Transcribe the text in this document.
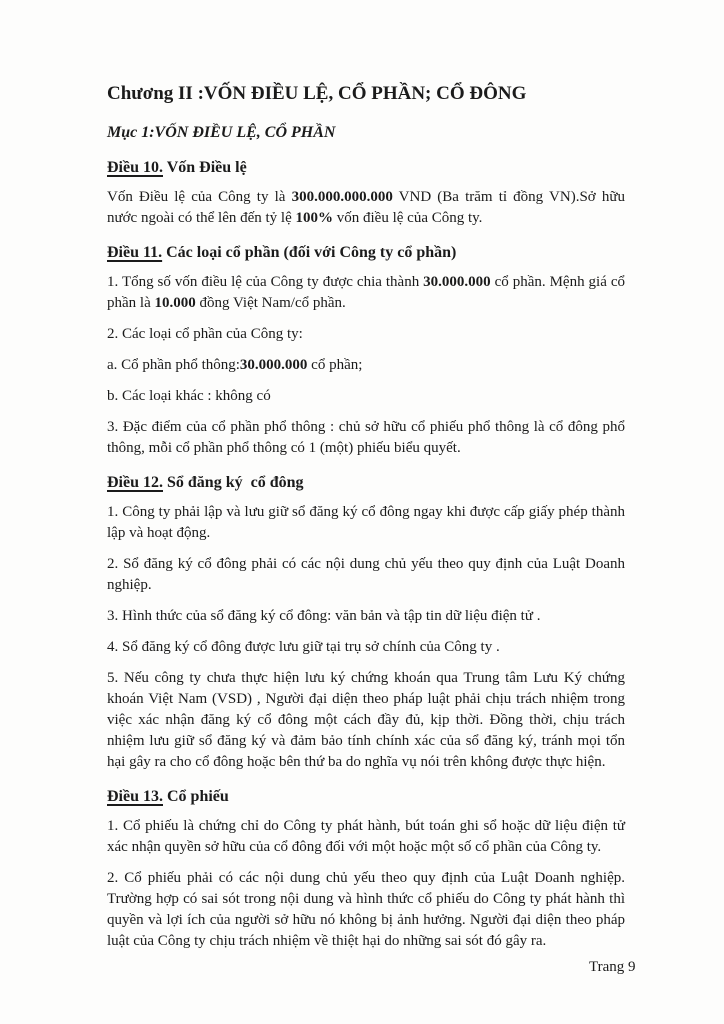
Chương II :VỐN ĐIỀU LỆ, CỔ PHẦN; CỔ ĐÔNG
Mục 1:VỐN ĐIỀU LỆ, CỔ PHẦN
Điều 10. Vốn Điều lệ

Vốn Điều lệ của Công ty là 300.000.000.000 VND (Ba trăm tỉ đồng VN).Sở hữu nước ngoài có thể lên đến tỷ lệ 100% vốn điều lệ của Công ty.

Điều 11. Các loại cổ phần (đối với Công ty cổ phần)

1. Tổng số vốn điều lệ của Công ty được chia thành 30.000.000 cổ phần. Mệnh giá cổ phần là 10.000 đồng Việt Nam/cổ phần.

2. Các loại cổ phần của Công ty:

a. Cổ phần phổ thông:30.000.000 cổ phần;

b. Các loại khác : không có

3. Đặc điểm của cổ phần phổ thông : chủ sở hữu cổ phiếu phổ thông là cổ đông phổ thông, mỗi cổ phần phổ thông có 1 (một) phiếu biểu quyết.

Điều 12. Sổ đăng ký  cổ đông

1. Công ty phải lập và lưu giữ sổ đăng ký cổ đông ngay khi được cấp giấy phép thành lập và hoạt động.

2. Sổ đăng ký cổ đông phải có các nội dung chủ yếu theo quy định của Luật Doanh nghiệp.

3. Hình thức của sổ đăng ký cổ đông: văn bản và tập tin dữ liệu điện tử .

4. Sổ đăng ký cổ đông được lưu giữ tại trụ sở chính của Công ty .

5. Nếu công ty chưa thực hiện lưu ký chứng khoán qua Trung tâm Lưu Ký chứng khoán Việt Nam (VSD) , Người đại diện theo pháp luật phải chịu trách nhiệm trong việc xác nhận đăng ký cổ đông một cách đầy đủ, kịp thời. Đồng thời, chịu trách nhiệm lưu giữ sổ đăng ký và đảm bảo tính chính xác của sổ đăng ký, tránh mọi tổn hại gây ra cho cổ đông hoặc bên thứ ba do nghĩa vụ nói trên không được thực hiện.

Điều 13. Cổ phiếu

1. Cổ phiếu là chứng chỉ do Công ty phát hành, bút toán ghi sổ hoặc dữ liệu điện tử xác nhận quyền sở hữu của cổ đông đối với một hoặc một số cổ phần của Công ty.

2. Cổ phiếu phải có các nội dung chủ yếu theo quy định của Luật Doanh nghiệp. Trường hợp có sai sót trong nội dung và hình thức cổ phiếu do Công ty phát hành thì quyền và lợi ích của người sở hữu nó không bị ảnh hưởng. Người đại diện theo pháp luật của Công ty chịu trách nhiệm về thiệt hại do những sai sót đó gây ra.

Trang 9
